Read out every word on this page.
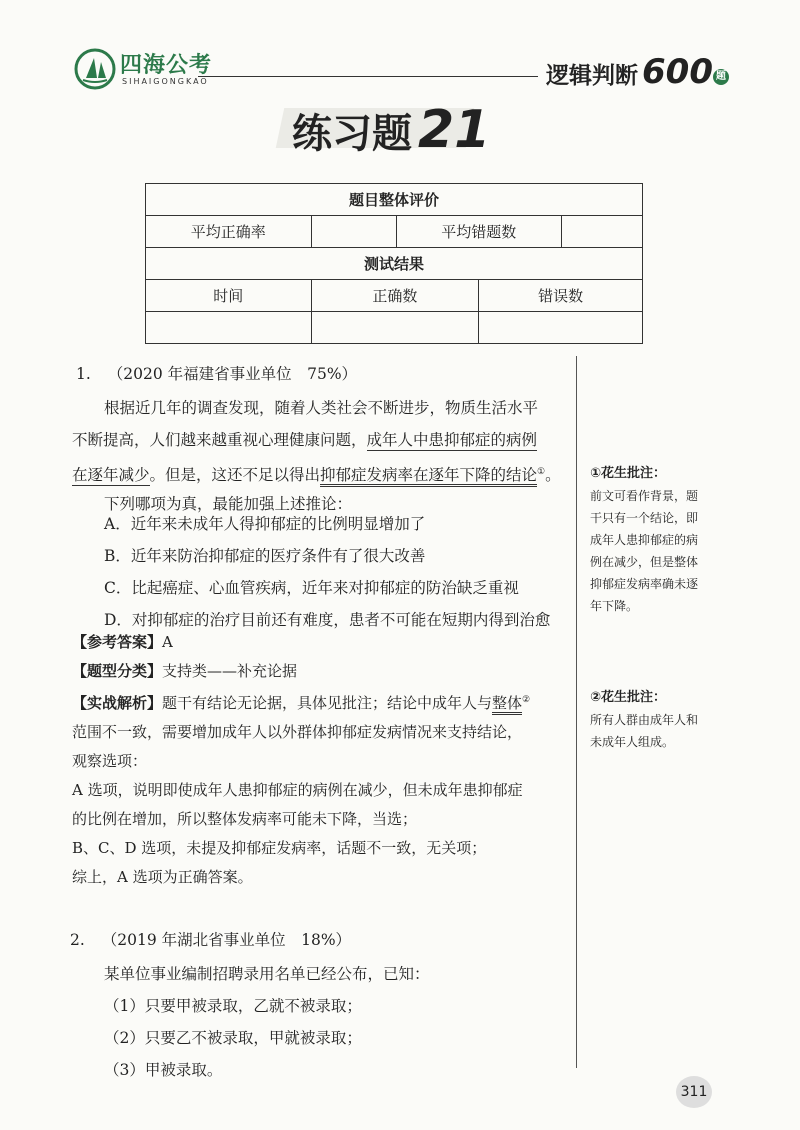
四海公考
SIHAIGONGKAO	逻辑判断 600 题
练习题 21
题目整体评价				
平均正确率		平均错题数		
测试结果				
时间	正确数		错误数	

1. （2020 年福建省事业单位　75%）
根据近几年的调查发现，随着人类社会不断进步，物质生活水平
不断提高，人们越来越重视心理健康问题，成年人中患抑郁症的病例
在逐年减少。但是，这还不足以得出抑郁症发病率在逐年下降的结论①。
下列哪项为真，最能加强上述推论：
A．近年来未成年人得抑郁症的比例明显增加了
B．近年来防治抑郁症的医疗条件有了很大改善
C．比起癌症、心血管疾病，近年来对抑郁症的防治缺乏重视
D．对抑郁症的治疗目前还有难度，患者不可能在短期内得到治愈
【参考答案】A
【题型分类】支持类——补充论据
【实战解析】题干有结论无论据，具体见批注；结论中成年人与整体②
范围不一致，需要增加成年人以外群体抑郁症发病情况来支持结论，
观察选项：
A 选项，说明即使成年人患抑郁症的病例在减少，但未成年患抑郁症
的比例在增加，所以整体发病率可能未下降，当选；
B、C、D 选项，未提及抑郁症发病率，话题不一致，无关项；
综上，A 选项为正确答案。
①花生批注：
前文可看作背景，题
干只有一个结论，即
成年人患抑郁症的病
例在减少，但是整体
抑郁症发病率确未逐
年下降。
②花生批注：
所有人群由成年人和
未成年人组成。
2. （2019 年湖北省事业单位　18%）
某单位事业编制招聘录用名单已经公布，已知：
（1）只要甲被录取，乙就不被录取；
（2）只要乙不被录取，甲就被录取；
（3）甲被录取。
311
